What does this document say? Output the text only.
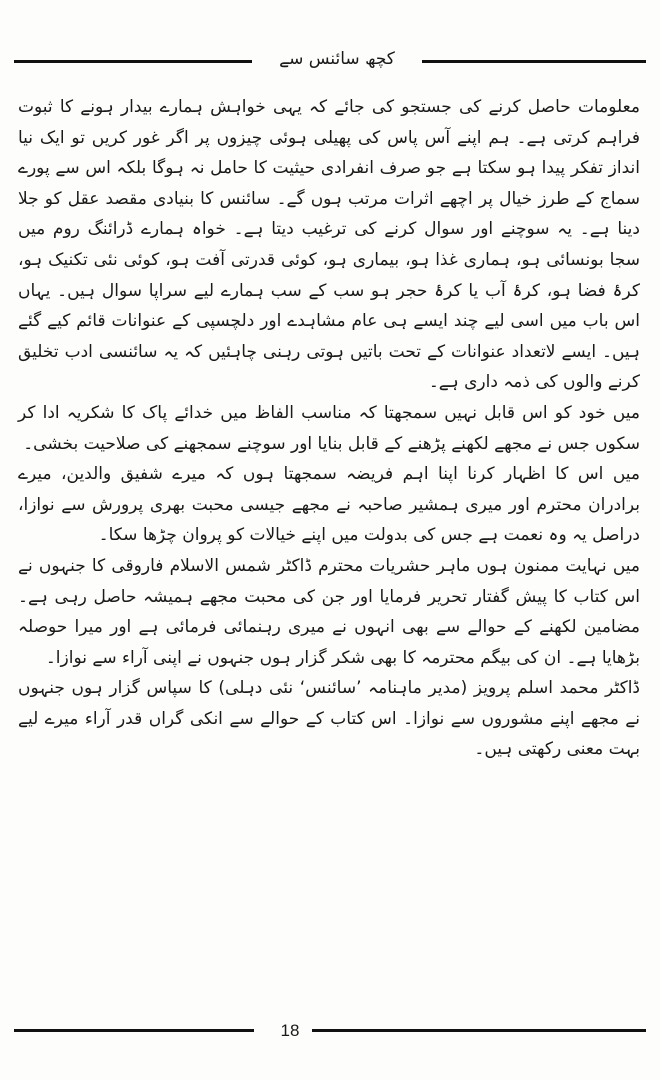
کچھ سائنس سے

معلومات حاصل کرنے کی جستجو کی جائے کہ یہی خواہش ہمارے بیدار ہونے کا ثبوت فراہم کرتی ہے۔ ہم اپنے آس پاس کی پھیلی ہوئی چیزوں پر اگر غور کریں تو ایک نیا انداز تفکر پیدا ہو سکتا ہے جو صرف انفرادی حیثیت کا حامل نہ ہوگا بلکہ اس سے پورے سماج کے طرز خیال پر اچھے اثرات مرتب ہوں گے۔ سائنس کا بنیادی مقصد عقل کو جلا دینا ہے۔ یہ سوچنے اور سوال کرنے کی ترغیب دیتا ہے۔ خواہ ہمارے ڈرائنگ روم میں سجا بونسائی ہو، ہماری غذا ہو، بیماری ہو، کوئی قدرتی آفت ہو، کوئی نئی تکنیک ہو، کرۂ فضا ہو، کرۂ آب یا کرۂ حجر ہو سب کے سب ہمارے لیے سراپا سوال ہیں۔ یہاں اس باب میں اسی لیے چند ایسے ہی عام مشاہدے اور دلچسپی کے عنوانات قائم کیے گئے ہیں۔ ایسے لاتعداد عنوانات کے تحت باتیں ہوتی رہنی چاہئیں کہ یہ سائنسی ادب تخلیق کرنے والوں کی ذمہ داری ہے۔

میں خود کو اس قابل نہیں سمجھتا کہ مناسب الفاظ میں خدائے پاک کا شکریہ ادا کر سکوں جس نے مجھے لکھنے پڑھنے کے قابل بنایا اور سوچنے سمجھنے کی صلاحیت بخشی۔

میں اس کا اظہار کرنا اپنا اہم فریضہ سمجھتا ہوں کہ میرے شفیق والدین، میرے برادران محترم اور میری ہمشیر صاحبہ نے مجھے جیسی محبت بھری پرورش سے نوازا، دراصل یہ وہ نعمت ہے جس کی بدولت میں اپنے خیالات کو پروان چڑھا سکا۔

میں نہایت ممنون ہوں ماہر حشریات محترم ڈاکٹر شمس الاسلام فاروقی کا جنہوں نے اس کتاب کا پیش گفتار تحریر فرمایا اور جن کی محبت مجھے ہمیشہ حاصل رہی ہے۔ مضامین لکھنے کے حوالے سے بھی انہوں نے میری رہنمائی فرمائی ہے اور میرا حوصلہ بڑھایا ہے۔ ان کی بیگم محترمہ کا بھی شکر گزار ہوں جنہوں نے اپنی آراء سے نوازا۔

ڈاکٹر محمد اسلم پرویز (مدیر ماہنامہ ’سائنس‘ نئی دہلی) کا سپاس گزار ہوں جنہوں نے مجھے اپنے مشوروں سے نوازا۔ اس کتاب کے حوالے سے انکی گراں قدر آراء میرے لیے بہت معنی رکھتی ہیں۔

18
